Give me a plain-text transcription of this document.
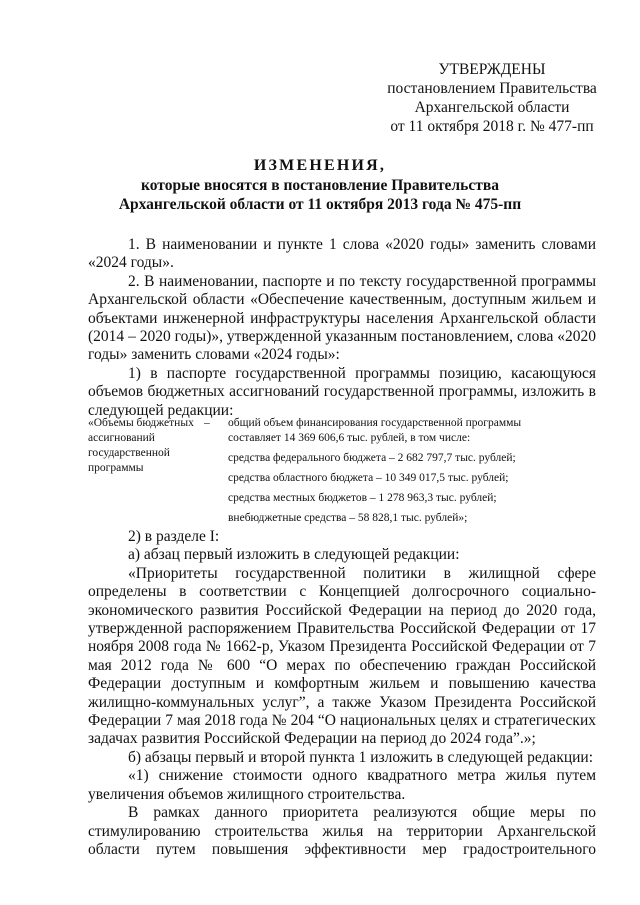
УТВЕРЖДЕНЫ
постановлением Правительства
Архангельской области
от 11 октября 2018 г. № 477-пп
ИЗМЕНЕНИЯ,
которые вносятся в постановление Правительства
Архангельской области от 11 октября 2013 года № 475-пп

1. В наименовании и пункте 1 слова «2020 годы» заменить словами «2024 годы».

2. В наименовании, паспорте и по тексту государственной программы Архангельской области «Обеспечение качественным, доступным жильем и объектами инженерной инфраструктуры населения Архангельской области (2014 – 2020 годы)», утвержденной указанным постановлением, слова «2020 годы» заменить словами «2024 годы»:

1) в паспорте государственной программы позицию, касающуюся объемов бюджетных ассигнований государственной программы, изложить в следующей редакции:

«Объемы бюджетных ассигнований государственной программы
–	общий объем финансирования государственной программы
составляет 14 369 606,6 тыс. рублей, в том числе:
средства федерального бюджета – 2 682 797,7 тыс. рублей;
средства областного бюджета – 10 349 017,5 тыс. рублей;
средства местных бюджетов – 1 278 963,3 тыс. рублей;
внебюджетные средства – 58 828,1 тыс. рублей»;

2) в разделе I:

а) абзац первый изложить в следующей редакции:

«Приоритеты государственной политики в жилищной сфере определены в соответствии с Концепцией долгосрочного социально-экономического развития Российской Федерации на период до 2020 года, утвержденной распоряжением Правительства Российской Федерации от 17 ноября 2008 года № 1662-р, Указом Президента Российской Федерации от 7 мая 2012 года № 600 “О мерах по обеспечению граждан Российской Федерации доступным и комфортным жильем и повышению качества жилищно-коммунальных услуг”, а также Указом Президента Российской Федерации 7 мая 2018 года № 204 “О национальных целях и стратегических задачах развития Российской Федерации на период до 2024 года”.»;

б) абзацы первый и второй пункта 1 изложить в следующей редакции:

«1) снижение стоимости одного квадратного метра жилья путем увеличения объемов жилищного строительства.

В рамках данного приоритета реализуются общие меры по стимулированию строительства жилья на территории Архангельской области путем повышения эффективности мер градостроительного
